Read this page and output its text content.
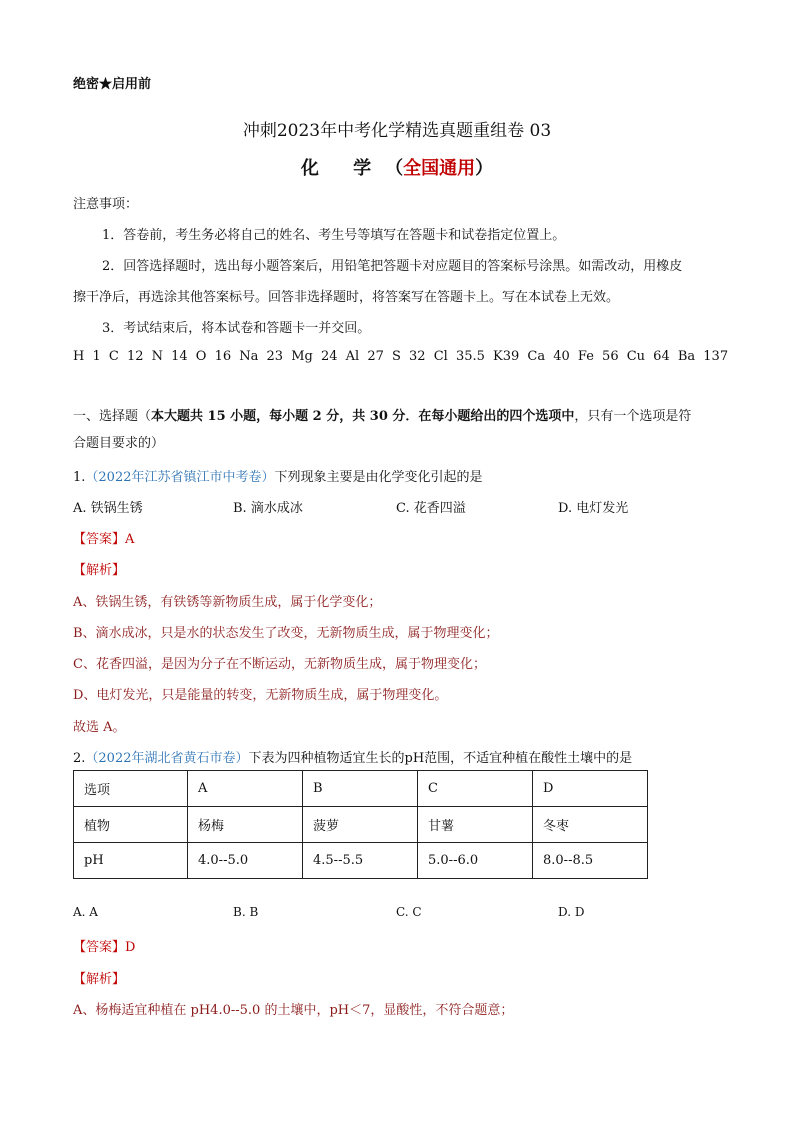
绝密★启用前
冲刺2023年中考化学精选真题重组卷 03
化 学（全国通用）
注意事项：
1．答卷前，考生务必将自己的姓名、考生号等填写在答题卡和试卷指定位置上。
2．回答选择题时，选出每小题答案后，用铅笔把答题卡对应题目的答案标号涂黑。如需改动，用橡皮
擦干净后，再选涂其他答案标号。回答非选择题时，将答案写在答题卡上。写在本试卷上无效。
3．考试结束后，将本试卷和答题卡一并交回。
H 1 C 12 N 14 O 16 Na 23 Mg 24 Al 27 S 32 Cl 35.5 K39 Ca 40 Fe 56 Cu 64 Ba 137
一、选择题（本大题共 15 小题，每小题 2 分，共 30 分．在每小题给出的四个选项中，只有一个选项是符
合题目要求的）
1.（2022年江苏省镇江市中考卷）下列现象主要是由化学变化引起的是
A. 铁锅生锈	B. 滴水成冰	C. 花香四溢	D. 电灯发光
【答案】A
【解析】
A、铁锅生锈，有铁锈等新物质生成，属于化学变化；
B、滴水成冰，只是水的状态发生了改变，无新物质生成，属于物理变化；
C、花香四溢，是因为分子在不断运动，无新物质生成，属于物理变化；
D、电灯发光，只是能量的转变，无新物质生成，属于物理变化。
故选 A。
2.（2022年湖北省黄石市卷）下表为四种植物适宜生长的pH范围，不适宜种植在酸性土壤中的是
选项	A	B	C	D
植物	杨梅	菠萝	甘薯	冬枣
pH	4.0--5.0	4.5--5.5	5.0--6.0	8.0--8.5
A. A	B. B	C. C	D. D
【答案】D
【解析】
A、杨梅适宜种植在 pH4.0--5.0 的土壤中，pH＜7，显酸性，不符合题意；
